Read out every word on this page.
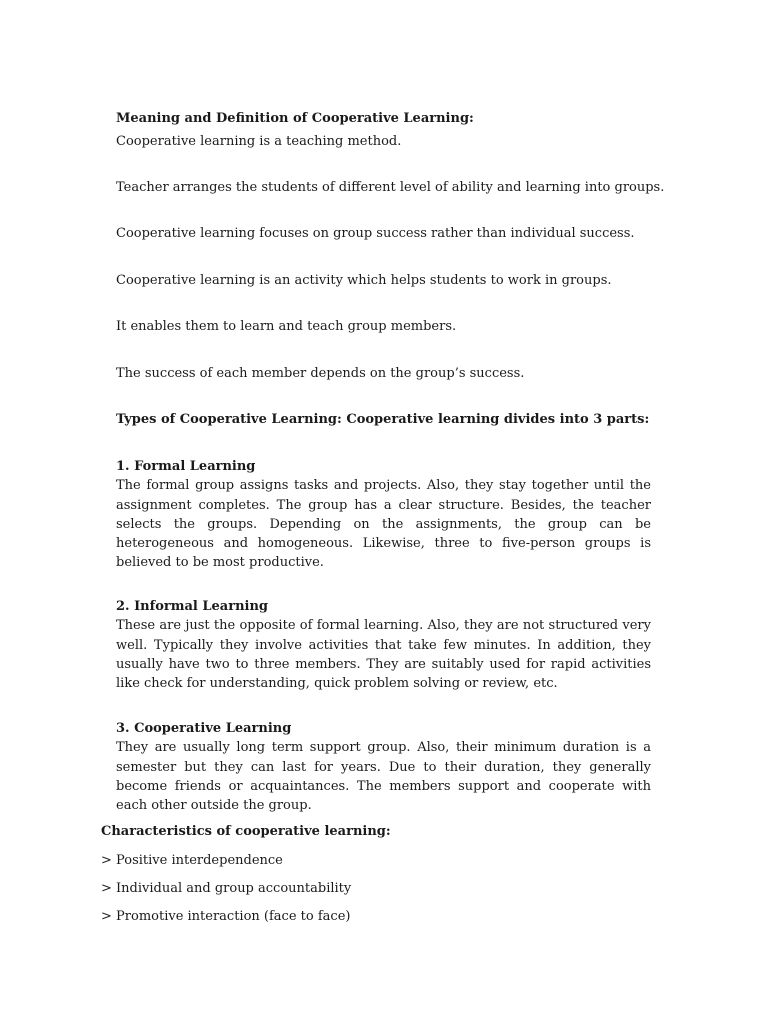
Meaning and Definition of Cooperative Learning:

Cooperative learning is a teaching method.

Teacher arranges the students of different level of ability and learning into groups.

Cooperative learning focuses on group success rather than individual success.

Cooperative learning is an activity which helps students to work in groups.

It enables them to learn and teach group members.

The success of each member depends on the group’s success.

Types of Cooperative Learning: Cooperative learning divides into 3 parts:

1. Formal Learning
The formal group assigns tasks and projects. Also, they stay together until the assignment completes. The group has a clear structure. Besides, the teacher selects the groups. Depending on the assignments, the group can be heterogeneous and homogeneous. Likewise, three to five-person groups is believed to be most productive.
2. Informal Learning
These are just the opposite of formal learning. Also, they are not structured very well. Typically they involve activities that take few minutes. In addition, they usually have two to three members. They are suitably used for rapid activities like check for understanding, quick problem solving or review, etc.
3. Cooperative Learning
They are usually long term support group. Also, their minimum duration is a semester but they can last for years. Due to their duration, they generally become friends or acquaintances. The members support and cooperate with each other outside the group.

Characteristics of cooperative learning:

> Positive interdependence

> Individual and group accountability

> Promotive interaction (face to face)
